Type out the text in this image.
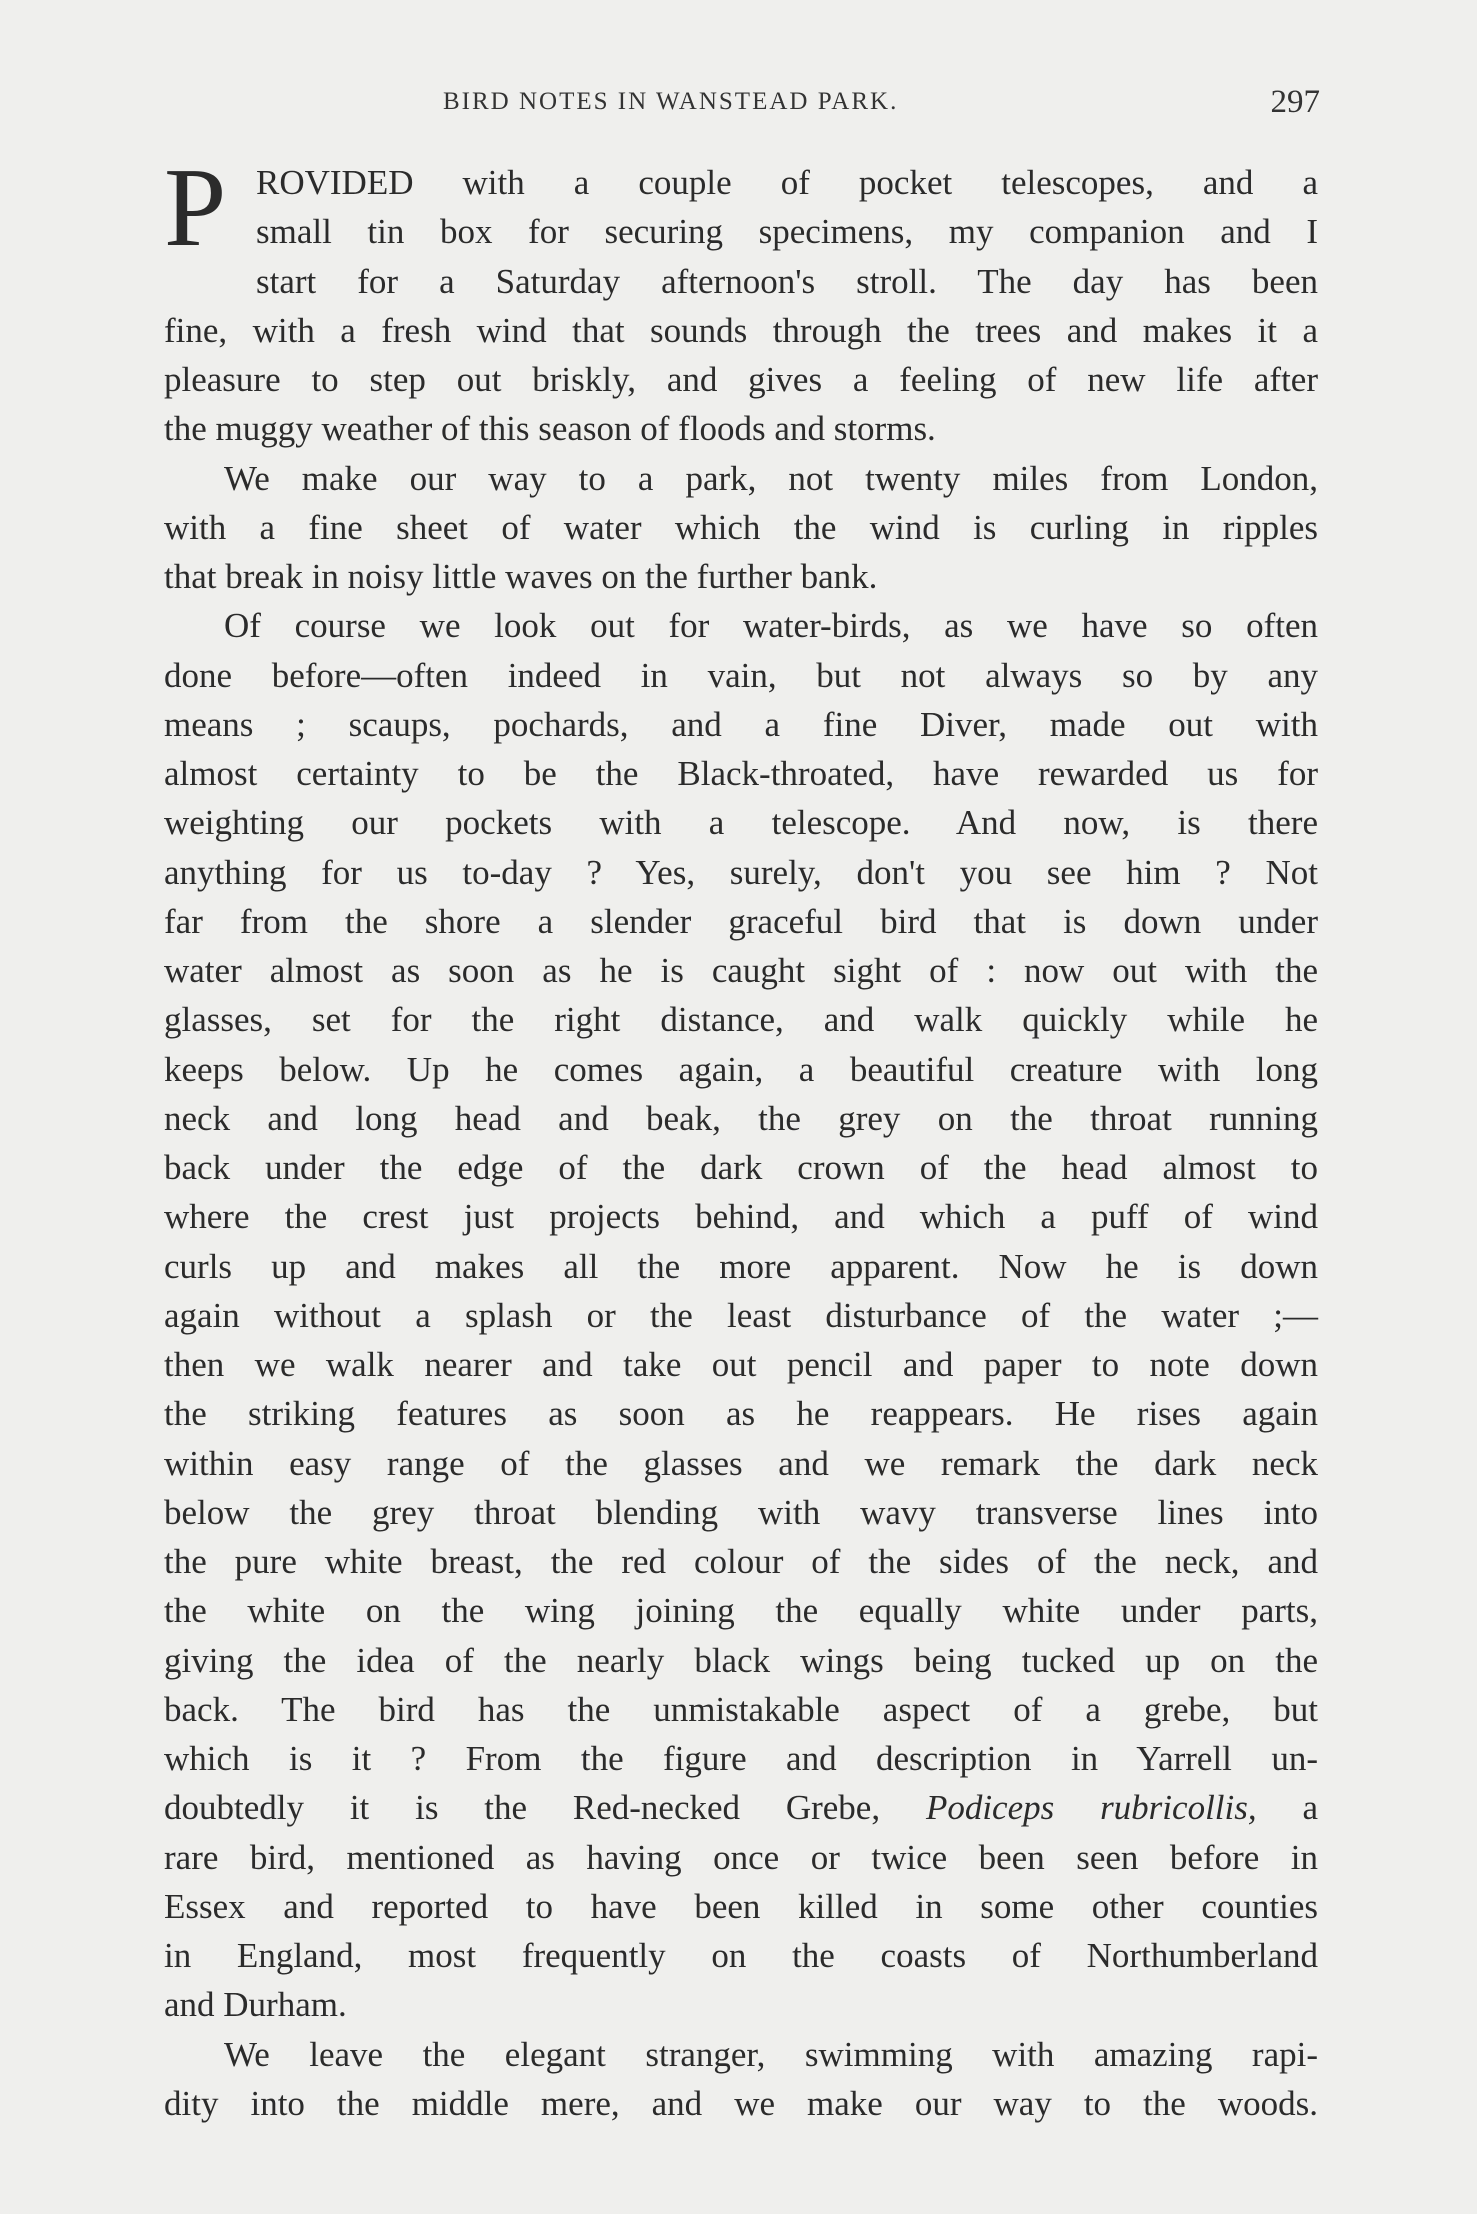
BIRD NOTES IN WANSTEAD PARK.	297
P ROVIDED with a couple of pocket telescopes, and a
small tin box for securing specimens, my companion and I
start for a Saturday afternoon's stroll. The day has been
fine, with a fresh wind that sounds through the trees and makes it a
pleasure to step out briskly, and gives a feeling of new life after
the muggy weather of this season of floods and storms.
We make our way to a park, not twenty miles from London,
with a fine sheet of water which the wind is curling in ripples
that break in noisy little waves on the further bank.
Of course we look out for water-birds, as we have so often
done before—often indeed in vain, but not always so by any
means ; scaups, pochards, and a fine Diver, made out with
almost certainty to be the Black-throated, have rewarded us for
weighting our pockets with a telescope. And now, is there
anything for us to-day ? Yes, surely, don't you see him ? Not
far from the shore a slender graceful bird that is down under
water almost as soon as he is caught sight of : now out with the
glasses, set for the right distance, and walk quickly while he
keeps below. Up he comes again, a beautiful creature with long
neck and long head and beak, the grey on the throat running
back under the edge of the dark crown of the head almost to
where the crest just projects behind, and which a puff of wind
curls up and makes all the more apparent. Now he is down
again without a splash or the least disturbance of the water ;—
then we walk nearer and take out pencil and paper to note down
the striking features as soon as he reappears. He rises again
within easy range of the glasses and we remark the dark neck
below the grey throat blending with wavy transverse lines into
the pure white breast, the red colour of the sides of the neck, and
the white on the wing joining the equally white under parts,
giving the idea of the nearly black wings being tucked up on the
back. The bird has the unmistakable aspect of a grebe, but
which is it ? From the figure and description in Yarrell un-
doubtedly it is the Red-necked Grebe, Podiceps rubricollis, a
rare bird, mentioned as having once or twice been seen before in
Essex and reported to have been killed in some other counties
in England, most frequently on the coasts of Northumberland
and Durham.
We leave the elegant stranger, swimming with amazing rapi-
dity into the middle mere, and we make our way to the woods.
